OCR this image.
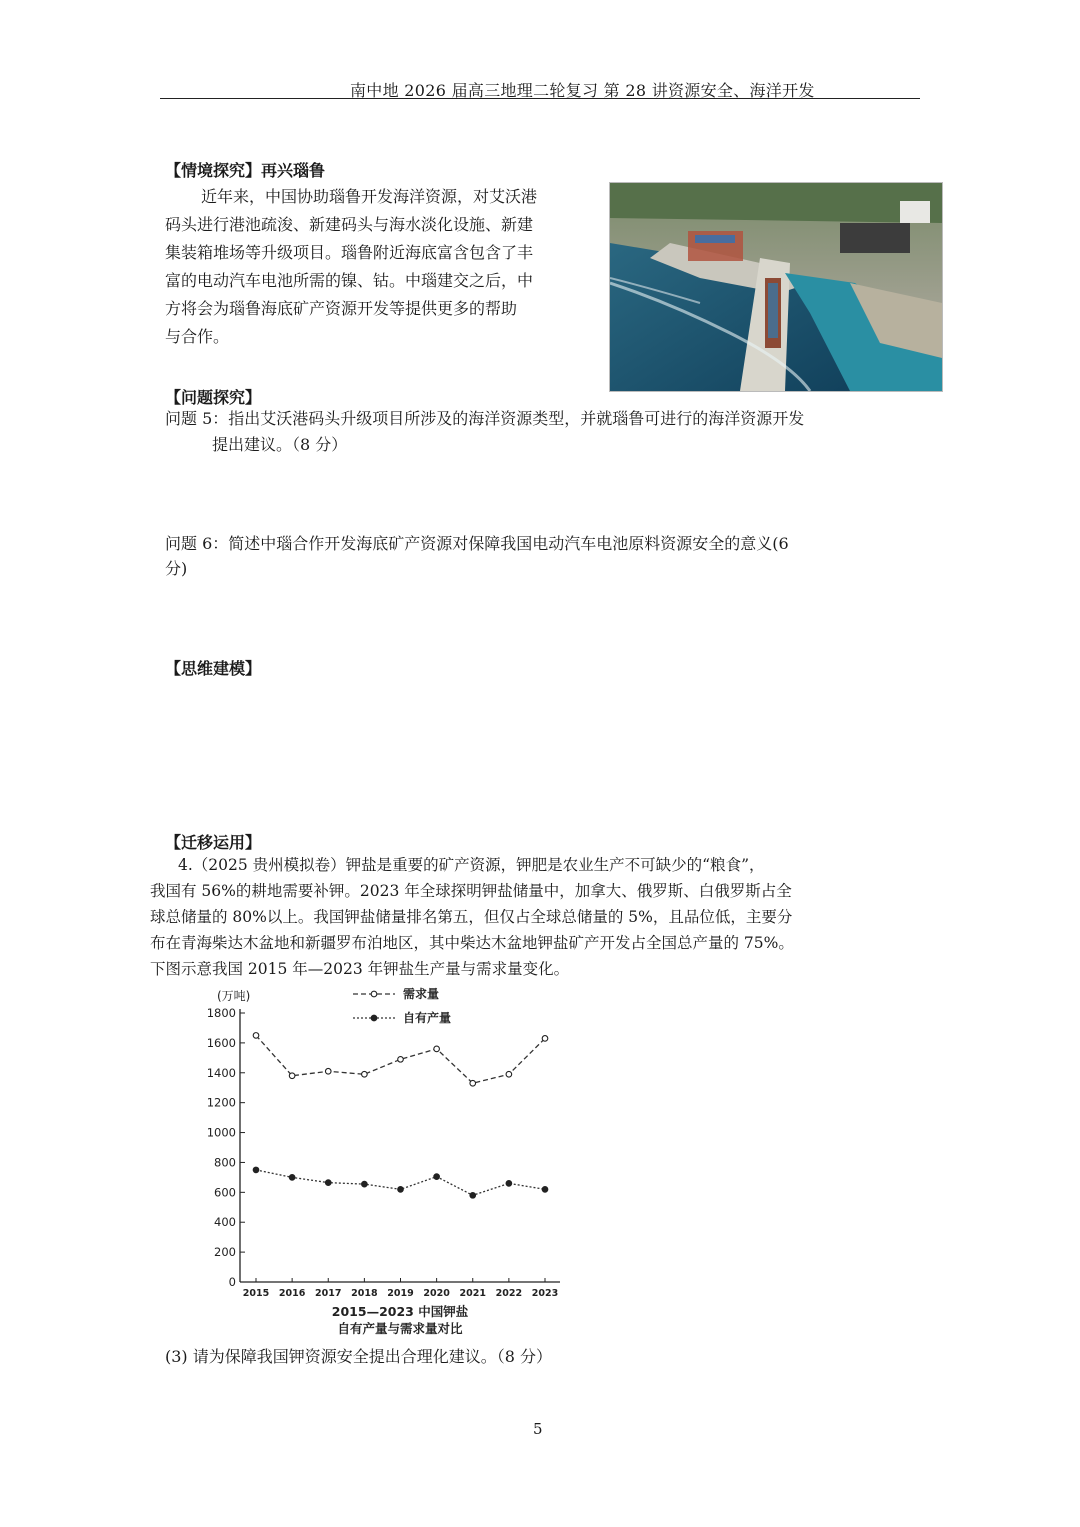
南中地 2026 届高三地理二轮复习 第 28 讲资源安全、海洋开发
【情境探究】再兴瑙鲁

近年来，中国协助瑙鲁开发海洋资源，对艾沃港

码头进行港池疏浚、新建码头与海水淡化设施、新建

集装箱堆场等升级项目。瑙鲁附近海底富含包含了丰

富的电动汽车电池所需的镍、钴。中瑙建交之后，中

方将会为瑙鲁海底矿产资源开发等提供更多的帮助

与合作。

【问题探究】
问题 5：指出艾沃港码头升级项目所涉及的海洋资源类型，并就瑙鲁可进行的海洋资源开发
提出建议。（8 分）
问题 6：简述中瑙合作开发海底矿产资源对保障我国电动汽车电池原料资源安全的意义(6
分)
【思维建模】
【迁移运用】

4.（2025 贵州模拟卷）钾盐是重要的矿产资源，钾肥是农业生产不可缺少的“粮食”，

我国有 56%的耕地需要补钾。2023 年全球探明钾盐储量中，加拿大、俄罗斯、白俄罗斯占全

球总储量的 80%以上。我国钾盐储量排名第五，但仅占全球总储量的 5%，且品位低，主要分

布在青海柴达木盆地和新疆罗布泊地区，其中柴达木盆地钾盐矿产开发占全国总产量的 75%。

下图示意我国 2015 年—2023 年钾盐生产量与需求量变化。

0
200
400
600
800
1000
1200
1400
1600
1800
2015 2016 2017 2018 2019 2020 2021 2022 2023
(万吨)	需求量
自有产量
2015—2023 中国钾盐
自有产量与需求量对比
(3) 请为保障我国钾资源安全提出合理化建议。（8 分）
5
